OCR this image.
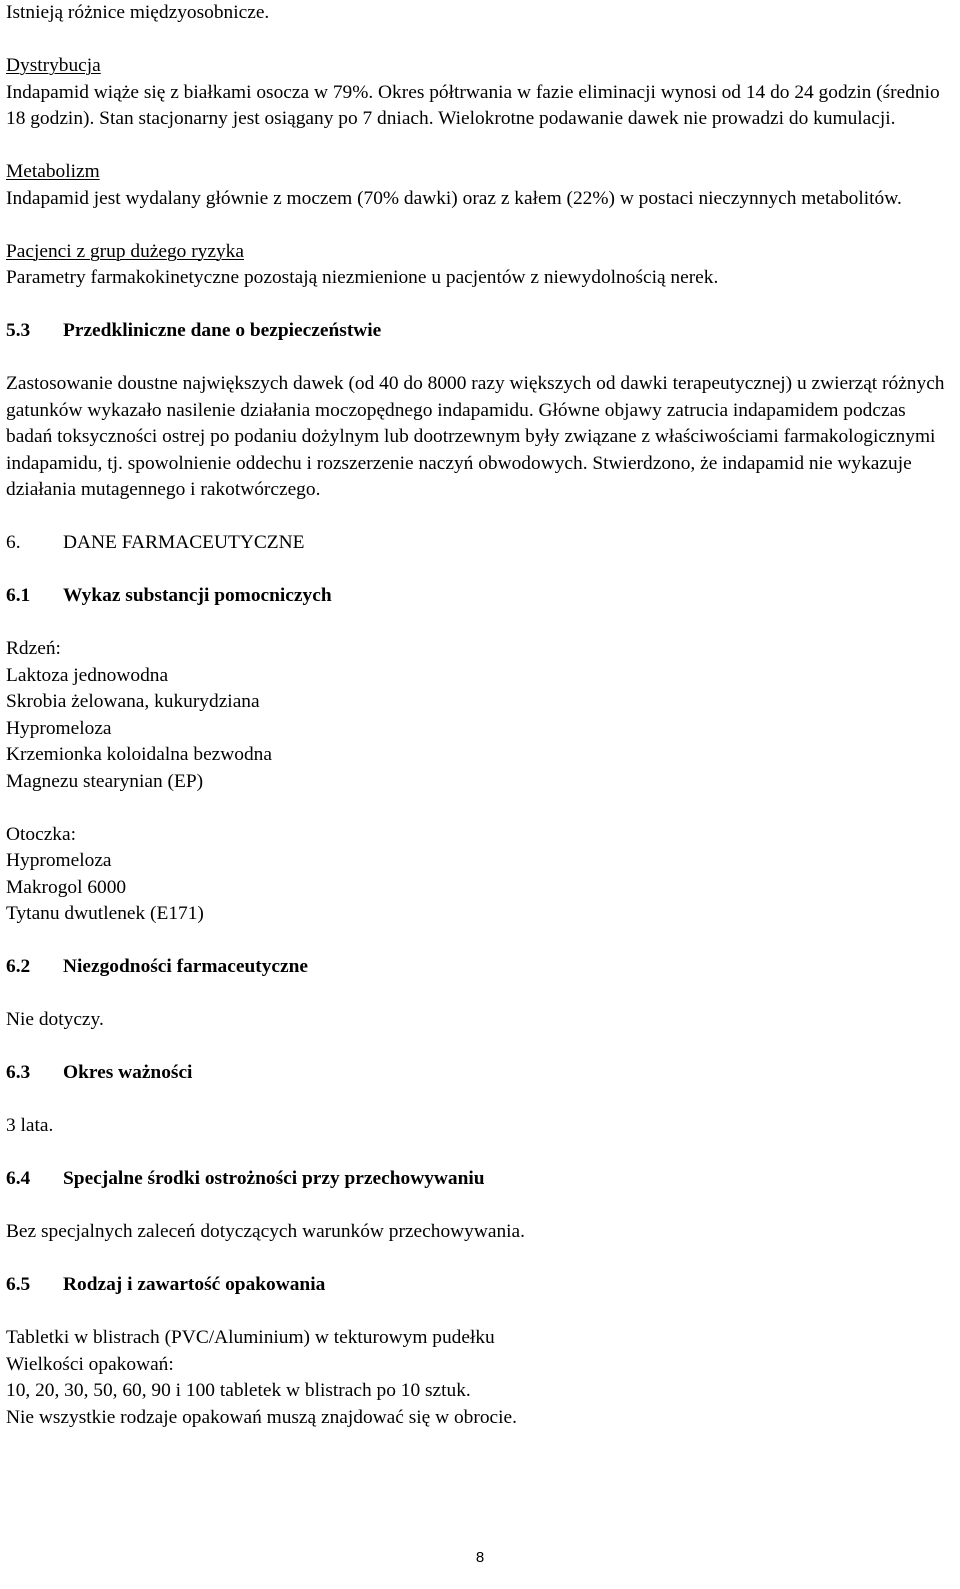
Istnieją różnice międzyosobnicze.

Dystrybucja

Indapamid wiąże się z białkami osocza w 79%. Okres półtrwania w fazie eliminacji wynosi od 14 do 24 godzin (średnio 18 godzin). Stan stacjonarny jest osiągany po 7 dniach. Wielokrotne podawanie dawek nie prowadzi do kumulacji.

Metabolizm

Indapamid jest wydalany głównie z moczem (70% dawki) oraz z kałem (22%) w postaci nieczynnych metabolitów.

Pacjenci z grup dużego ryzyka

Parametry farmakokinetyczne pozostają niezmienione u pacjentów z niewydolnością nerek.

5.3	Przedkliniczne dane o bezpieczeństwie

Zastosowanie doustne największych dawek (od 40 do 8000 razy większych od dawki terapeutycznej) u zwierząt różnych gatunków wykazało nasilenie działania moczopędnego indapamidu. Główne objawy zatrucia indapamidem podczas badań toksyczności ostrej po podaniu dożylnym lub dootrzewnym były związane z właściwościami farmakologicznymi indapamidu, tj. spowolnienie oddechu i rozszerzenie naczyń obwodowych. Stwierdzono, że indapamid nie wykazuje działania mutagennego i rakotwórczego.

6.	DANE FARMACEUTYCZNE
6.1	Wykaz substancji pomocniczych

Rdzeń:

Laktoza jednowodna

Skrobia żelowana, kukurydziana

Hypromeloza

Krzemionka koloidalna bezwodna

Magnezu stearynian (EP)

Otoczka:

Hypromeloza

Makrogol 6000

Tytanu dwutlenek (E171)

6.2	Niezgodności farmaceutyczne

Nie dotyczy.

6.3	Okres ważności

3 lata.

6.4	Specjalne środki ostrożności przy przechowywaniu

Bez specjalnych zaleceń dotyczących warunków przechowywania.

6.5	Rodzaj i zawartość opakowania

Tabletki w blistrach (PVC/Aluminium) w tekturowym pudełku

Wielkości opakowań:

10, 20, 30, 50, 60, 90 i 100 tabletek w blistrach po 10 sztuk.

Nie wszystkie rodzaje opakowań muszą znajdować się w obrocie.

8
